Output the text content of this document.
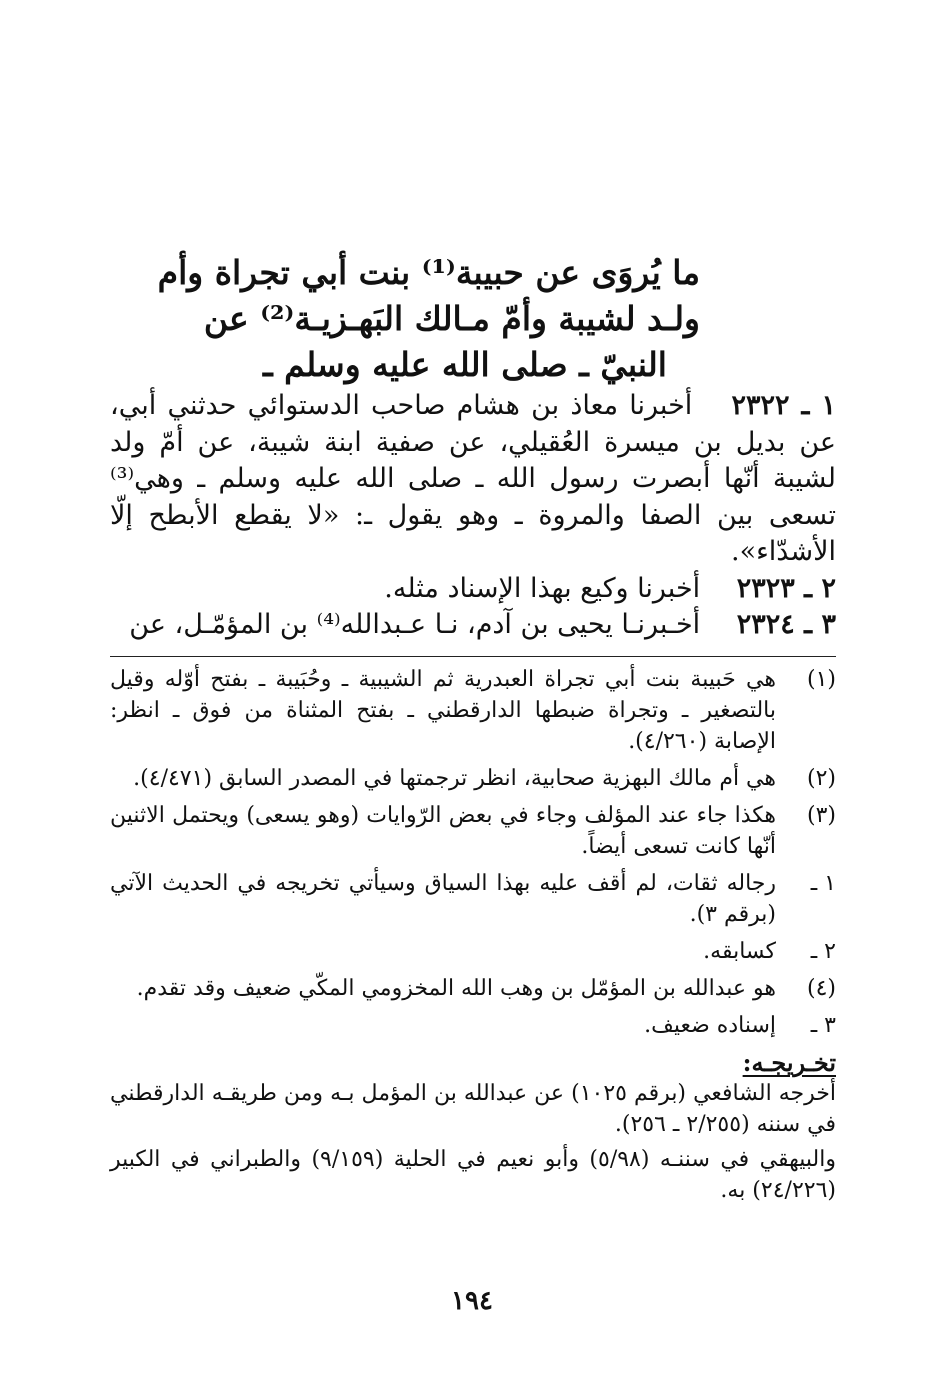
ما يُروَى عن حبيبة⁽¹⁾ بنت أبي تجراة وأم
ولـد لشيبة وأمّ مـالك البَهـزيـة⁽²⁾ عن
النبيّ ـ صلى الله عليه وسلم ـ

١ ـ ٢٣٢٢ أخبرنا معاذ بن هشام صاحب الدستوائي حدثني أبي، عن بديل بن ميسرة العُقيلي، عن صفية ابنة شيبة، عن أمّ ولد لشيبة أنّها أبصرت رسول الله ـ صلى الله عليه وسلم ـ وهي⁽³⁾ تسعى بين الصفا والمروة ـ وهو يقول ـ: «لا يقطع الأبطح إلّا الأشدّاء».

٢ ـ ٢٣٢٣ أخبرنا وكيع بهذا الإسناد مثله.

٣ ـ ٢٣٢٤ أخـبرنـا يحيى بن آدم، نـا عـبدالله⁽⁴⁾ بن المؤمّـل، عن

(١)
هي حَبيبة بنت أبي تجراة العبدرية ثم الشيبية ـ وحُبَيبة ـ بفتح أوّله وقيل بالتصغير ـ وتجراة ضبطها الدارقطني ـ بفتح المثناة من فوق ـ انظر: الإصابة (٤/٢٦٠).
(٢)
هي أم مالك البهزية صحابية، انظر ترجمتها في المصدر السابق (٤/٤٧١).
(٣)
هكذا جاء عند المؤلف وجاء في بعض الرّوايات (وهو يسعى) ويحتمل الاثنين أنّها كانت تسعى أيضاً.
١ ـ
رجاله ثقات، لم أقف عليه بهذا السياق وسيأتي تخريجه في الحديث الآتي (برقم ٣).
٢ ـ
كسابقه.
(٤)
هو عبدالله بن المؤمّل بن وهب الله المخزومي المكّي ضعيف وقد تقدم.
٣ ـ
إسناده ضعيف.
تخـريجـه:

أخرجه الشافعي (برقم ١٠٢٥) عن عبدالله بن المؤمل بـه ومن طريقـه الدارقطني في سننه (٢/٢٥٥ ـ ٢٥٦).

والبيهقي في سننـه (٥/٩٨) وأبو نعيم في الحلية (٩/١٥٩) والطبراني في الكبير (٢٤/٢٢٦) به.

١٩٤
